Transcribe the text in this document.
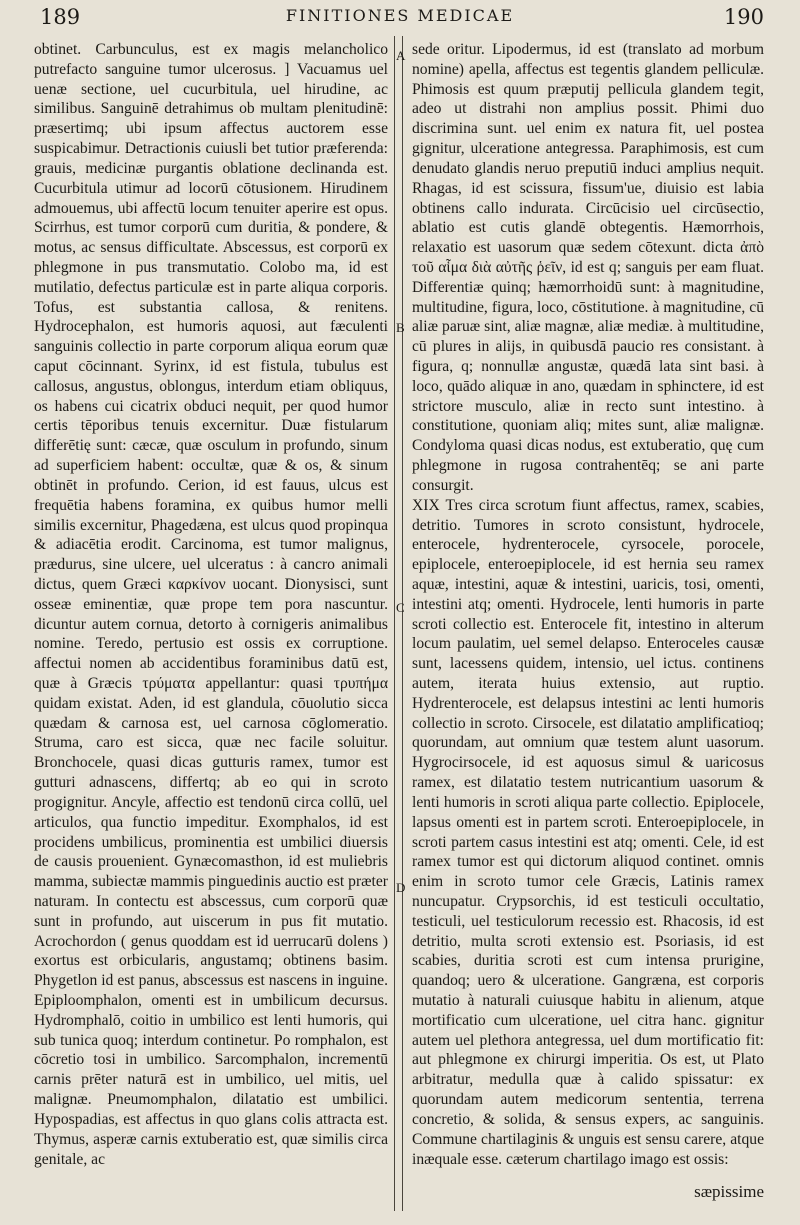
189	FINITIONES MEDICAE	190
A
B
C
D

obtinet. Carbunculus, est ex magis melancholico putrefacto sanguine tumor ulcerosus. ] Vacuamus uel uenæ sectione, uel cucurbitula, uel hirudine, ac similibus. Sanguinē detrahimus ob multam plenitudinē: præsertimq; ubi ipsum affectus auctorem esse suspicabimur. Detractionis cuiusli bet tutior præferenda: grauis, medicinæ purgantis oblatione declinanda est. Cucurbitula utimur ad locorū cōtusionem. Hirudinem admouemus, ubi affectū locum tenuiter aperire est opus. Scirrhus, est tumor corporū cum duritia, & pondere, & motus, ac sensus difficultate. Abscessus, est corporū ex phlegmone in pus transmutatio. Colobo ma, id est mutilatio, defectus particulæ est in parte aliqua corporis. Tofus, est substantia callosa, & renitens. Hydrocephalon, est humoris aquosi, aut fæculenti sanguinis collectio in parte corporum aliqua eorum quæ caput cōcinnant. Syrinx, id est fistula, tubulus est callosus, angustus, oblongus, interdum etiam obliquus, os habens cui cicatrix obduci nequit, per quod humor certis tēporibus tenuis excernitur. Duæ fistularum differētię sunt: cæcæ, quæ osculum in profundo, sinum ad superficiem habent: occultæ, quæ & os, & sinum obtinēt in profundo. Cerion, id est fauus, ulcus est frequētia habens foramina, ex quibus humor melli similis excernitur, Phagedæna, est ulcus quod propinqua & adiacētia erodit. Carcinoma, est tumor malignus, prædurus, sine ulcere, uel ulceratus : à cancro animali dictus, quem Græci καρκίνον uocant. Dionysisci, sunt osseæ eminentiæ, quæ prope tem pora nascuntur. dicuntur autem cornua, detorto à cornigeris animalibus nomine. Teredo, pertusio est ossis ex corruptione. affectui nomen ab accidentibus foraminibus datū est, quæ à Græcis τρύματα appellantur: quasi τρυπήμα quidam existat. Aden, id est glandula, cōuolutio sicca quædam & carnosa est, uel carnosa cōglomeratio. Struma, caro est sicca, quæ nec facile soluitur. Bronchocele, quasi dicas gutturis ramex, tumor est gutturi adnascens, differtq; ab eo qui in scroto progignitur. Ancyle, affectio est tendonū circa collū, uel articulos, qua functio impeditur. Exomphalos, id est procidens umbilicus, prominentia est umbilici diuersis de causis prouenient. Gynæcomasthon, id est muliebris mamma, subiectæ mammis pinguedinis auctio est præter naturam. In contectu est abscessus, cum corporū quæ sunt in profundo, aut uiscerum in pus fit mutatio. Acrochordon ( genus quoddam est id uerrucarū dolens ) exortus est orbicularis, angustamq; obtinens basim. Phygetlon id est panus, abscessus est nascens in inguine. Epiploomphalon, omenti est in umbilicum decursus. Hydromphalō, coitio in umbilico est lenti humoris, qui sub tunica quoq; interdum continetur. Po romphalon, est cōcretio tosi in umbilico. Sarcomphalon, incrementū carnis prēter naturā est in umbilico, uel mitis, uel malignæ. Pneumomphalon, dilatatio est umbilici. Hypospadias, est affectus in quo glans colis attracta est. Thymus, asperæ carnis extuberatio est, quæ similis circa genitale, ac

sede oritur. Lipodermus, id est (translato ad morbum nomine) apella, affectus est tegentis glandem pelliculæ. Phimosis est quum præputij pellicula glandem tegit, adeo ut distrahi non amplius possit. Phimi duo discrimina sunt. uel enim ex natura fit, uel postea gignitur, ulceratione antegressa. Paraphimosis, est cum denudato glandis neruo preputiū induci amplius nequit. Rhagas, id est scissura, fissum'ue, diuisio est labia obtinens callo indurata. Circūcisio uel circūsectio, ablatio est cutis glandē obtegentis. Hæmorrhois, relaxatio est uasorum quæ sedem cōtexunt. dicta ἀπὸ τοῦ αἷμα διὰ αὐτῆς ῥεῖν, id est q; sanguis per eam fluat. Differentiæ quinq; hæmorrhoidū sunt: à magnitudine, multitudine, figura, loco, cōstitutione. à magnitudine, cū aliæ paruæ sint, aliæ magnæ, aliæ mediæ. à multitudine, cū plures in alijs, in quibusdā paucio res consistant. à figura, q; nonnullæ angustæ, quædā lata sint basi. à loco, quādo aliquæ in ano, quædam in sphinctere, id est strictore musculo, aliæ in recto sunt intestino. à constitutione, quoniam aliq; mites sunt, aliæ malignæ. Condyloma quasi dicas nodus, est extuberatio, quę cum phlegmone in rugosa contrahentēq; se ani parte consurgit.

XIX Tres circa scrotum fiunt affectus, ramex, scabies, detritio. Tumores in scroto consistunt, hydrocele, enterocele, hydrenterocele, cyrsocele, porocele, epiplocele, enteroepiplocele, id est hernia seu ramex aquæ, intestini, aquæ & intestini, uaricis, tosi, omenti, intestini atq; omenti. Hydrocele, lenti humoris in parte scroti collectio est. Enterocele fit, intestino in alterum locum paulatim, uel semel delapso. Enteroceles causæ sunt, lacessens quidem, intensio, uel ictus. continens autem, iterata huius extensio, aut ruptio. Hydrenterocele, est delapsus intestini ac lenti humoris collectio in scroto. Cirsocele, est dilatatio amplificatioq; quorundam, aut omnium quæ testem alunt uasorum. Hygrocirsocele, id est aquosus simul & uaricosus ramex, est dilatatio testem nutricantium uasorum & lenti humoris in scroti aliqua parte collectio. Epiplocele, lapsus omenti est in partem scroti. Enteroepiplocele, in scroti partem casus intestini est atq; omenti. Cele, id est ramex tumor est qui dictorum aliquod continet. omnis enim in scroto tumor cele Græcis, Latinis ramex nuncupatur. Crypsorchis, id est testiculi occultatio, testiculi, uel testiculorum recessio est. Rhacosis, id est detritio, multa scroti extensio est. Psoriasis, id est scabies, duritia scroti est cum intensa prurigine, quandoq; uero & ulceratione. Gangræna, est corporis mutatio à naturali cuiusque habitu in alienum, atque mortificatio cum ulceratione, uel citra hanc. gignitur autem uel plethora antegressa, uel dum mortificatio fit: aut phlegmone ex chirurgi imperitia. Os est, ut Plato arbitratur, medulla quæ à calido spissatur: ex quorundam autem medicorum sententia, terrena concretio, & solida, & sensus expers, ac sanguinis. Commune chartilaginis & unguis est sensu carere, atque inæquale esse. cæterum chartilago imago est ossis:

sæpissime
